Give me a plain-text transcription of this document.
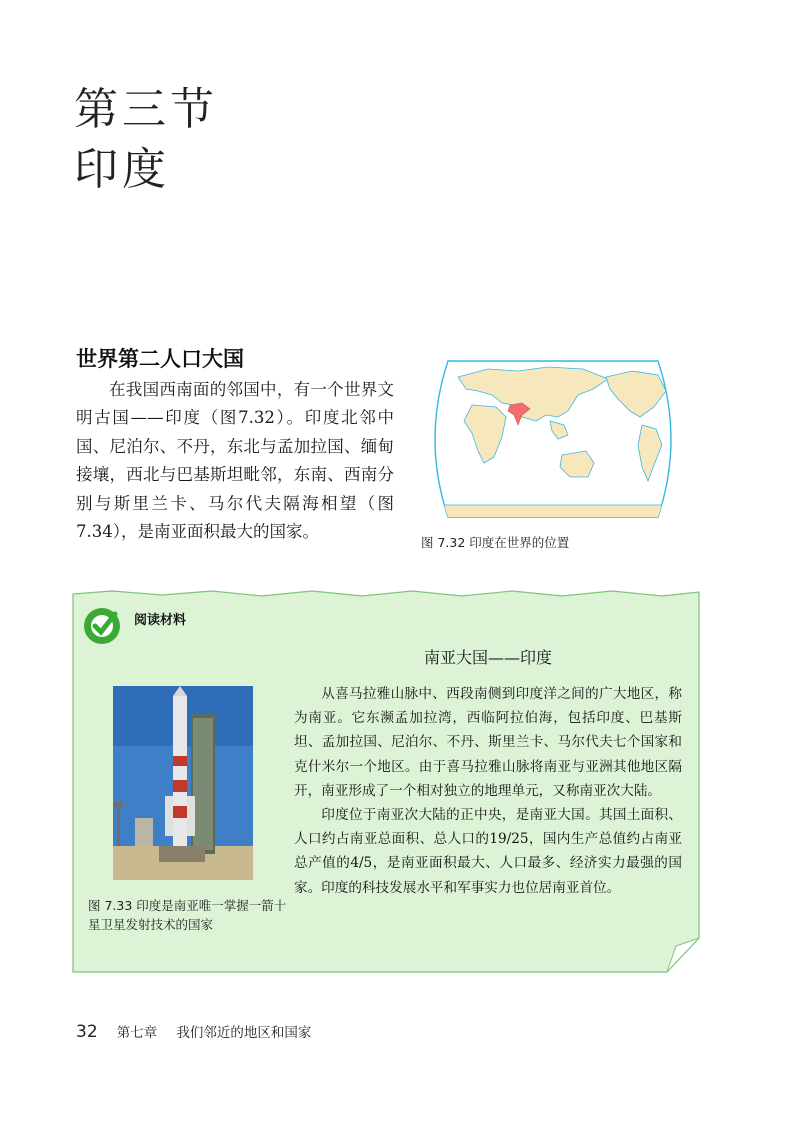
第三节
印度
世界第二人口大国

在我国西南面的邻国中，有一个世界文明古国——印度（图7.32）。印度北邻中国、尼泊尔、不丹，东北与孟加拉国、缅甸接壤，西北与巴基斯坦毗邻，东南、西南分别与斯里兰卡、马尔代夫隔海相望（图7.34），是南亚面积最大的国家。

图 7.32 印度在世界的位置
阅读材料
南亚大国——印度
图 7.33 印度是南亚唯一掌握一箭十星卫星发射技术的国家

从喜马拉雅山脉中、西段南侧到印度洋之间的广大地区，称为南亚。它东濒孟加拉湾，西临阿拉伯海，包括印度、巴基斯坦、孟加拉国、尼泊尔、不丹、斯里兰卡、马尔代夫七个国家和克什米尔一个地区。由于喜马拉雅山脉将南亚与亚洲其他地区隔开，南亚形成了一个相对独立的地理单元，又称南亚次大陆。

印度位于南亚次大陆的正中央，是南亚大国。其国土面积、人口约占南亚总面积、总人口的19/25，国内生产总值约占南亚总产值的4/5，是南亚面积最大、人口最多、经济实力最强的国家。印度的科技发展水平和军事实力也位居南亚首位。

32 第七章 我们邻近的地区和国家
